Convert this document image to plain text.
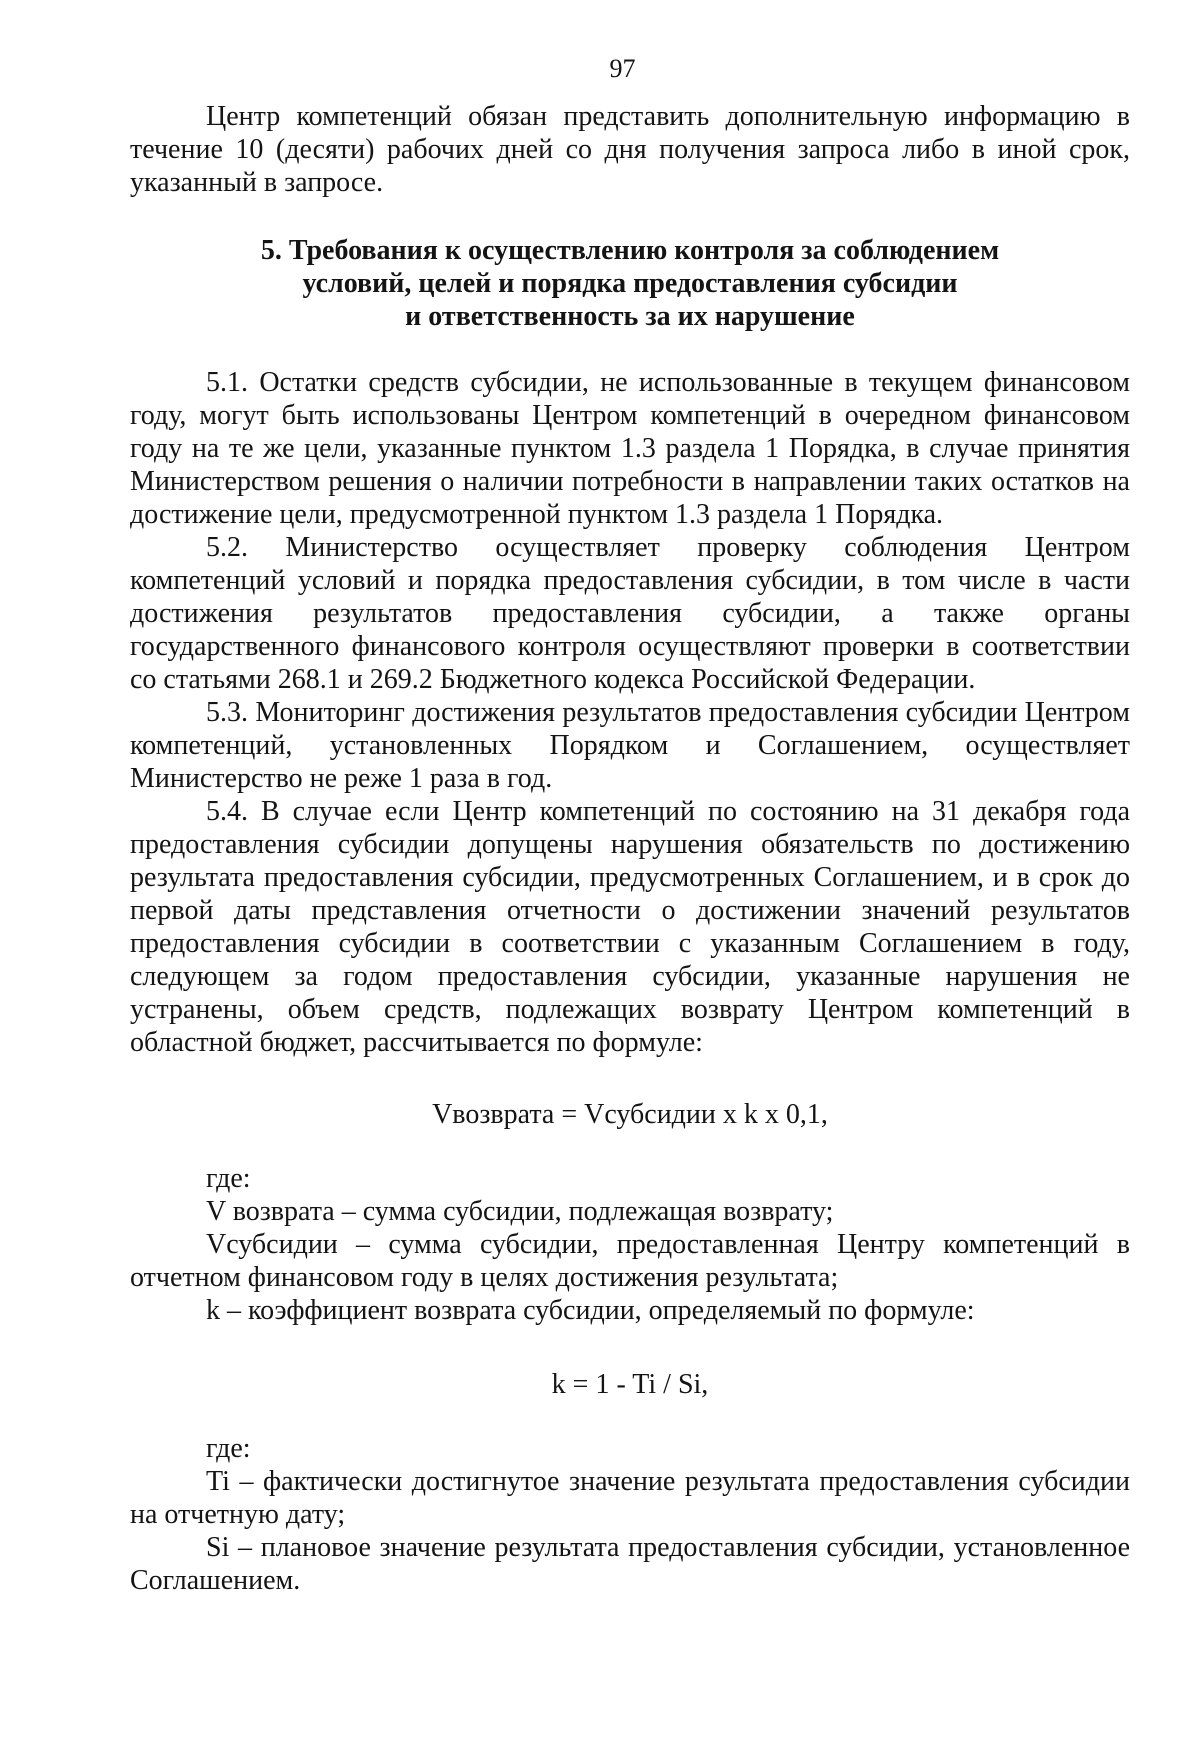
97

Центр компетенций обязан представить дополнительную информацию в течение 10 (десяти) рабочих дней со дня получения запроса либо в иной срок, указанный в запросе.

5. Требования к осуществлению контроля за соблюдением
условий, целей и порядка предоставления субсидии
и ответственность за их нарушение

5.1. Остатки средств субсидии, не использованные в текущем финансовом году, могут быть использованы Центром компетенций в очередном финансовом году на те же цели, указанные пунктом 1.3 раздела 1 Порядка, в случае принятия Министерством решения о наличии потребности в направлении таких остатков на достижение цели, предусмотренной пунктом 1.3 раздела 1 Порядка.

5.2. Министерство осуществляет проверку соблюдения Центром компетенций условий и порядка предоставления субсидии, в том числе в части достижения результатов предоставления субсидии, а также органы государственного финансового контроля осуществляют проверки в соответствии со статьями 268.1 и 269.2 Бюджетного кодекса Российской Федерации.

5.3. Мониторинг достижения результатов предоставления субсидии Центром компетенций, установленных Порядком и Соглашением, осуществляет Министерство не реже 1 раза в год.

5.4. В случае если Центр компетенций по состоянию на 31 декабря года предоставления субсидии допущены нарушения обязательств по достижению результата предоставления субсидии, предусмотренных Соглашением, и в срок до первой даты представления отчетности о достижении значений результатов предоставления субсидии в соответствии с указанным Соглашением в году, следующем за годом предоставления субсидии, указанные нарушения не устранены, объем средств, подлежащих возврату Центром компетенций в областной бюджет, рассчитывается по формуле:

Vвозврата = Vсубсидии x k x 0,1,

где:

V возврата – сумма субсидии, подлежащая возврату;

Vсубсидии – сумма субсидии, предоставленная Центру компетенций в отчетном финансовом году в целях достижения результата;

k – коэффициент возврата субсидии, определяемый по формуле:

k = 1 - Ti / Si,

где:

Ti – фактически достигнутое значение результата предоставления субсидии на отчетную дату;

Si – плановое значение результата предоставления субсидии, установленное Соглашением.
